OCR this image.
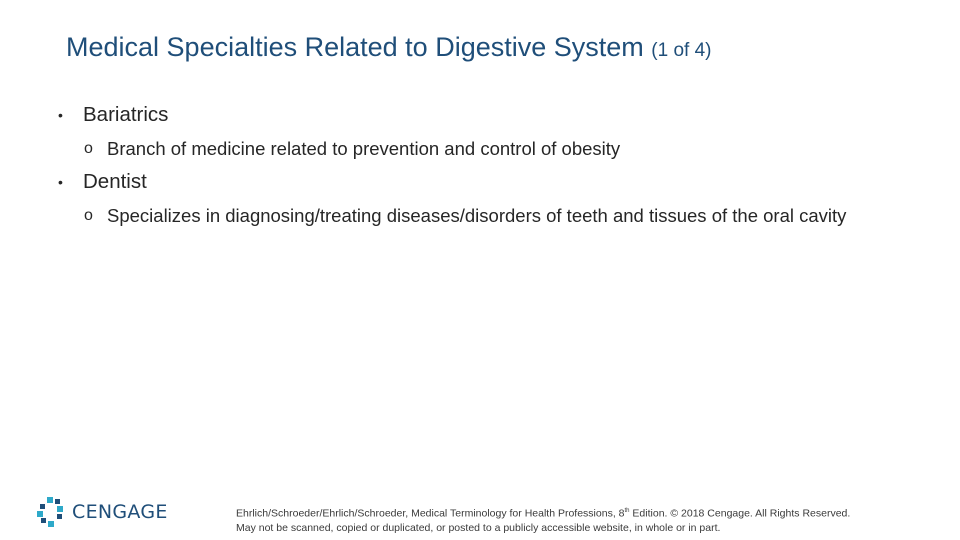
Medical Specialties Related to Digestive System (1 of 4)
• Bariatrics
o Branch of medicine related to prevention and control of obesity
• Dentist
o Specializes in diagnosing/treating diseases/disorders of teeth and tissues of the oral cavity
CENGAGE	Ehrlich/Schroeder/Ehrlich/Schroeder, Medical Terminology for Health Professions, 8th Edition. © 2018 Cengage. All Rights Reserved.
May not be scanned, copied or duplicated, or posted to a publicly accessible website, in whole or in part.
